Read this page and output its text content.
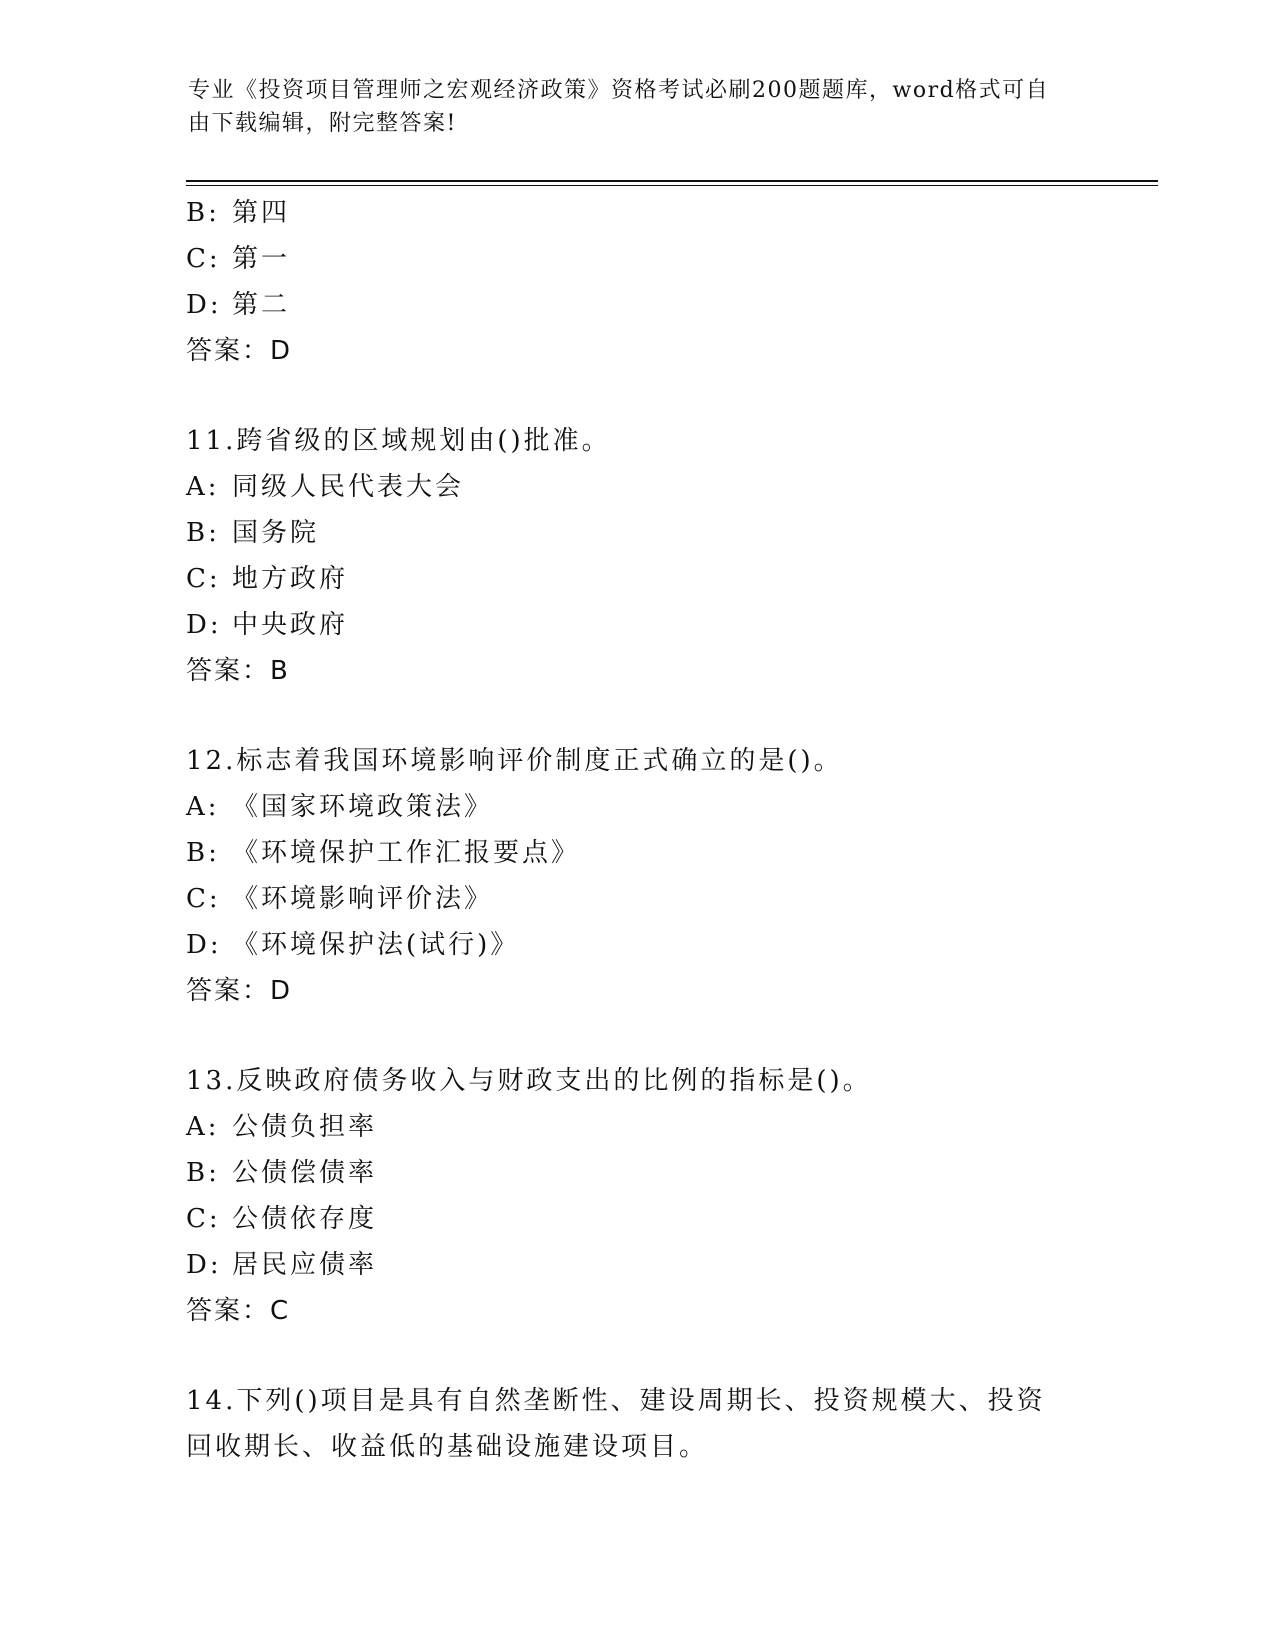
专业《投资项目管理师之宏观经济政策》资格考试必刷200题题库，word格式可自由下载编辑，附完整答案!
B: 第四
C: 第一
D: 第二
答案：D
11.跨省级的区域规划由()批准。
A: 同级人民代表大会
B: 国务院
C: 地方政府
D: 中央政府
答案：B
12.标志着我国环境影响评价制度正式确立的是()。
A: 《国家环境政策法》
B: 《环境保护工作汇报要点》
C: 《环境影响评价法》
D: 《环境保护法(试行)》
答案：D
13.反映政府债务收入与财政支出的比例的指标是()。
A: 公债负担率
B: 公债偿债率
C: 公债依存度
D: 居民应债率
答案：C
14.下列()项目是具有自然垄断性、建设周期长、投资规模大、投资回收期长、收益低的基础设施建设项目。
